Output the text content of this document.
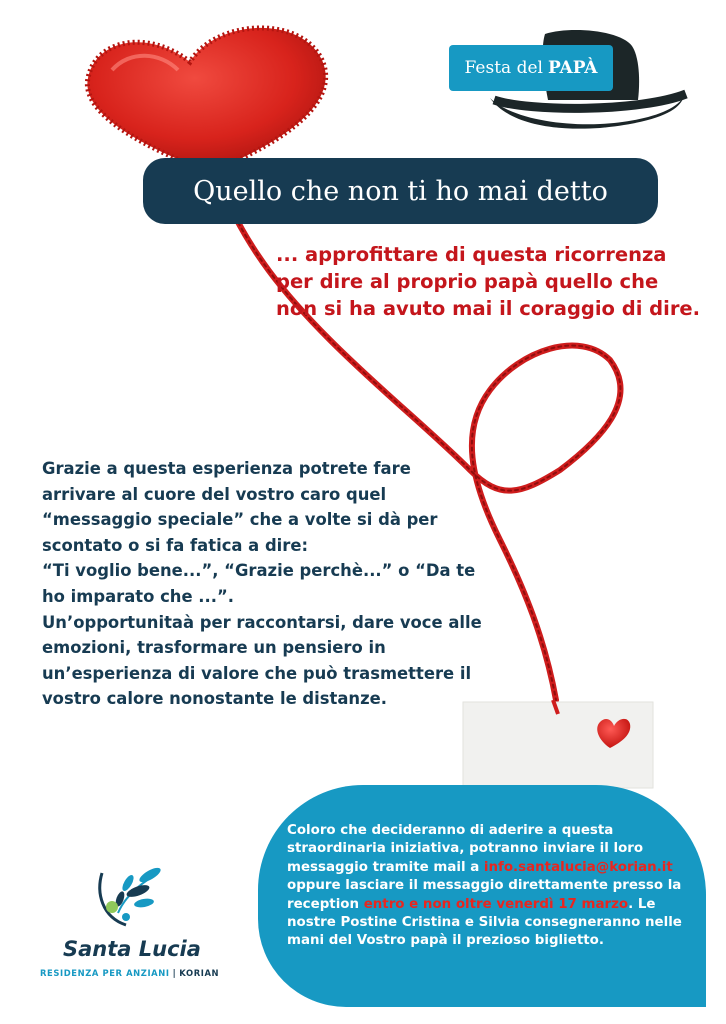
Festa del PAPÀ
Quello che non ti ho mai detto
... approfittare di questa ricorrenza per dire al proprio papà quello che non si ha avuto mai il coraggio di dire.

Grazie a questa esperienza potrete fare arrivare al cuore del vostro caro quel “messaggio speciale” che a volte si dà per scontato o si fa fatica a dire:

“Ti voglio bene...”, “Grazie perchè...” o “Da te ho imparato che ...”.

Un’opportunitaà per raccontarsi, dare voce alle emozioni, trasformare un pensiero in un’esperienza di valore che può trasmettere il vostro calore nonostante le distanze.

Coloro che decideranno di aderire a questa straordinaria iniziativa, potranno inviare il loro messaggio tramite mail a info.santalucia@korian.it oppure lasciare il messaggio direttamente presso la reception entro e non oltre venerdì 17 marzo. Le nostre Postine Cristina e Silvia consegneranno nelle mani del Vostro papà il prezioso biglietto.
Santa Lucia
RESIDENZA PER ANZIANI | KORIAN
